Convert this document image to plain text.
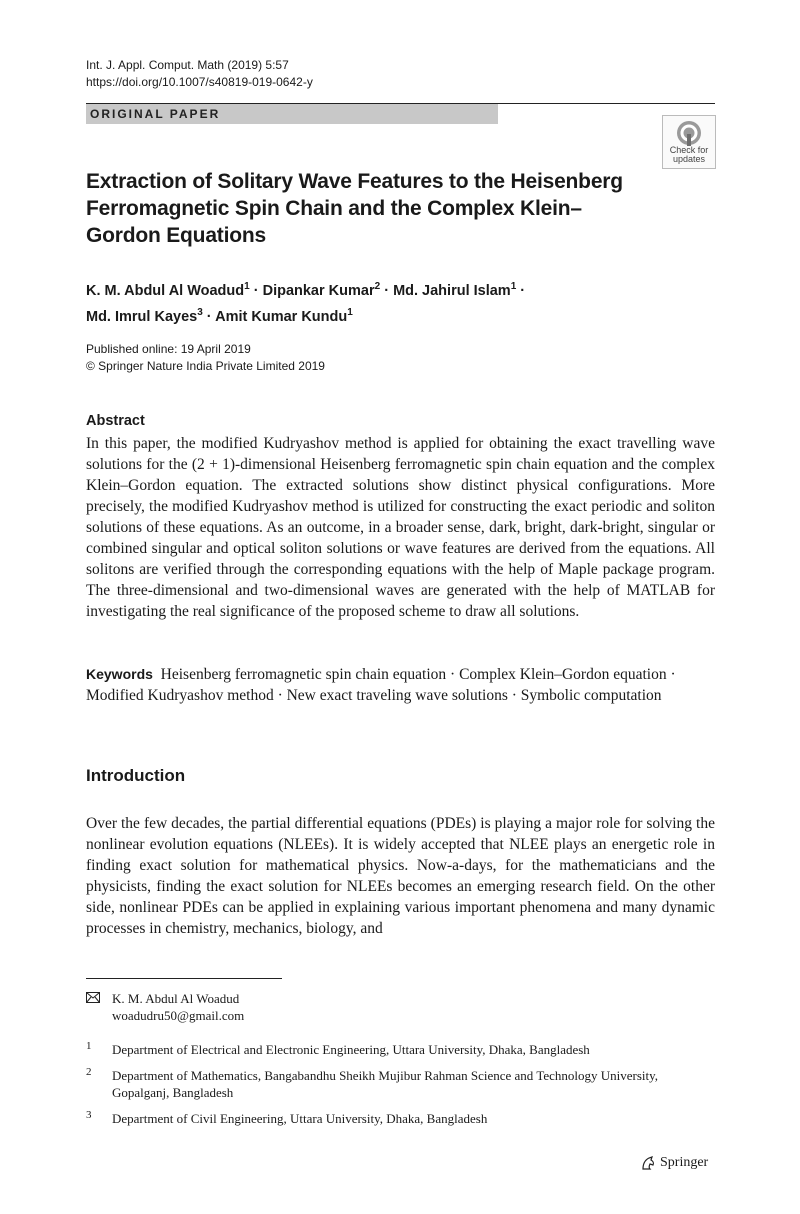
Int. J. Appl. Comput. Math (2019) 5:57
https://doi.org/10.1007/s40819-019-0642-y
ORIGINAL PAPER
Check for
updates
Extraction of Solitary Wave Features to the Heisenberg Ferromagnetic Spin Chain and the Complex Klein–Gordon Equations
K. M. Abdul Al Woadud$^1$ · Dipankar Kumar$^2$ · Md. Jahirul Islam$^1$ ·
Md. Imrul Kayes$^3$ · Amit Kumar Kundu$^1$
Published online: 19 April 2019
© Springer Nature India Private Limited 2019
Abstract
In this paper, the modified Kudryashov method is applied for obtaining the exact travelling wave solutions for the (2 + 1)-dimensional Heisenberg ferromagnetic spin chain equation and the complex Klein–Gordon equation. The extracted solutions show distinct physical configurations. More precisely, the modified Kudryashov method is utilized for constructing the exact periodic and soliton solutions of these equations. As an outcome, in a broader sense, dark, bright, dark-bright, singular or combined singular and optical soliton solutions or wave features are derived from the equations. All solitons are verified through the corresponding equations with the help of Maple package program. The three-dimensional and two-dimensional waves are generated with the help of MATLAB for investigating the real significance of the proposed scheme to draw all solutions.
Keywords Heisenberg ferromagnetic spin chain equation · Complex Klein–Gordon equation · Modified Kudryashov method · New exact traveling wave solutions · Symbolic computation
Introduction
Over the few decades, the partial differential equations (PDEs) is playing a major role for solving the nonlinear evolution equations (NLEEs). It is widely accepted that NLEE plays an energetic role in finding exact solution for mathematical physics. Now-a-days, for the mathematicians and the physicists, finding the exact solution for NLEEs becomes an emerging research field. On the other side, nonlinear PDEs can be applied in explaining various important phenomena and many dynamic processes in chemistry, mechanics, biology, and
K. M. Abdul Al Woadud
woadudru50@gmail.com
1 Department of Electrical and Electronic Engineering, Uttara University, Dhaka, Bangladesh
2 Department of Mathematics, Bangabandhu Sheikh Mujibur Rahman Science and Technology University, Gopalganj, Bangladesh
3 Department of Civil Engineering, Uttara University, Dhaka, Bangladesh
Springer
